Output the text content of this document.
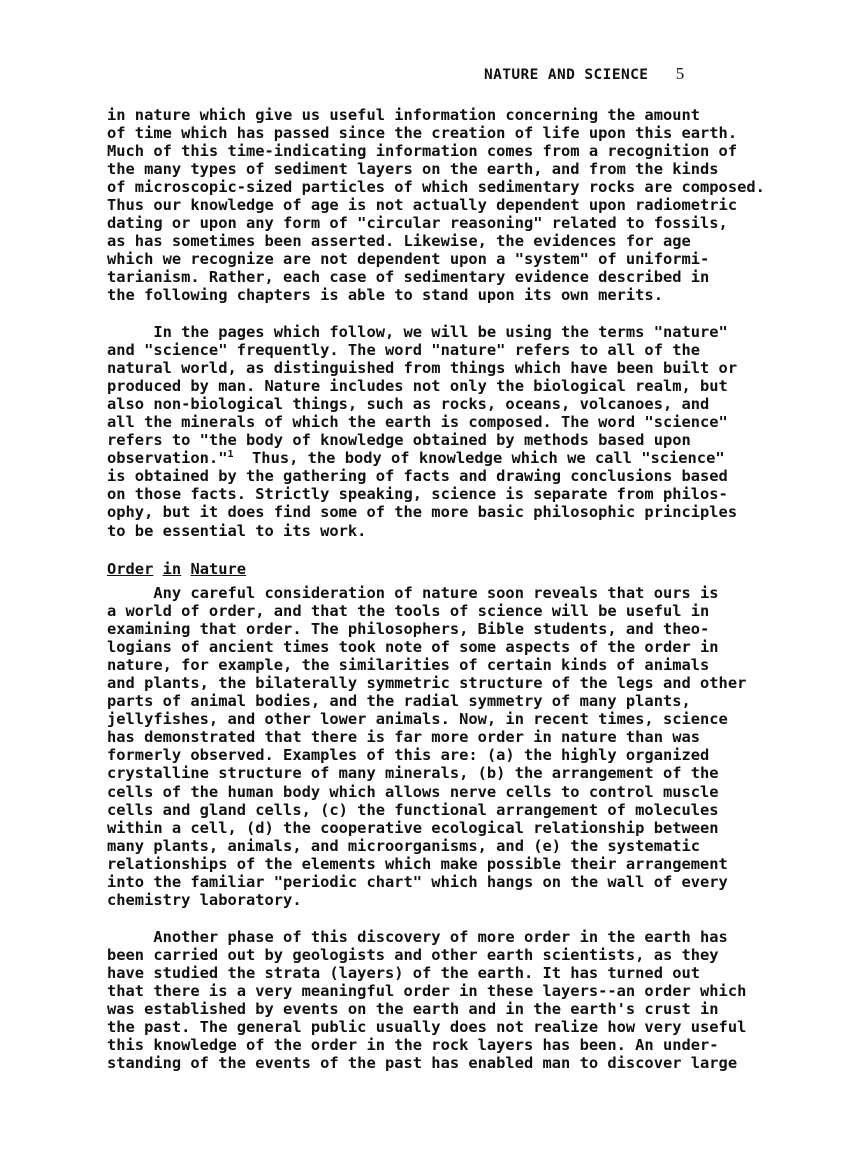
NATURE AND SCIENCE 5
in nature which give us useful information concerning the amount
of time which has passed since the creation of life upon this earth.
Much of this time-indicating information comes from a recognition of
the many types of sediment layers on the earth, and from the kinds
of microscopic-sized particles of which sedimentary rocks are composed.
Thus our knowledge of age is not actually dependent upon radiometric
dating or upon any form of "circular reasoning" related to fossils,
as has sometimes been asserted. Likewise, the evidences for age
which we recognize are not dependent upon a "system" of uniformi-
tarianism. Rather, each case of sedimentary evidence described in
the following chapters is able to stand upon its own merits.
In the pages which follow, we will be using the terms "nature"
and "science" frequently. The word "nature" refers to all of the
natural world, as distinguished from things which have been built or
produced by man. Nature includes not only the biological realm, but
also non-biological things, such as rocks, oceans, volcanoes, and
all the minerals of which the earth is composed. The word "science"
refers to "the body of knowledge obtained by methods based upon
observation."$^1$  Thus, the body of knowledge which we call "science"
is obtained by the gathering of facts and drawing conclusions based
on those facts. Strictly speaking, science is separate from philos-
ophy, but it does find some of the more basic philosophic principles
to be essential to its work.
Order in Nature
Any careful consideration of nature soon reveals that ours is
a world of order, and that the tools of science will be useful in
examining that order. The philosophers, Bible students, and theo-
logians of ancient times took note of some aspects of the order in
nature, for example, the similarities of certain kinds of animals
and plants, the bilaterally symmetric structure of the legs and other
parts of animal bodies, and the radial symmetry of many plants,
jellyfishes, and other lower animals. Now, in recent times, science
has demonstrated that there is far more order in nature than was
formerly observed. Examples of this are: (a) the highly organized
crystalline structure of many minerals, (b) the arrangement of the
cells of the human body which allows nerve cells to control muscle
cells and gland cells, (c) the functional arrangement of molecules
within a cell, (d) the cooperative ecological relationship between
many plants, animals, and microorganisms, and (e) the systematic
relationships of the elements which make possible their arrangement
into the familiar "periodic chart" which hangs on the wall of every
chemistry laboratory.
Another phase of this discovery of more order in the earth has
been carried out by geologists and other earth scientists, as they
have studied the strata (layers) of the earth. It has turned out
that there is a very meaningful order in these layers--an order which
was established by events on the earth and in the earth's crust in
the past. The general public usually does not realize how very useful
this knowledge of the order in the rock layers has been. An under-
standing of the events of the past has enabled man to discover large
